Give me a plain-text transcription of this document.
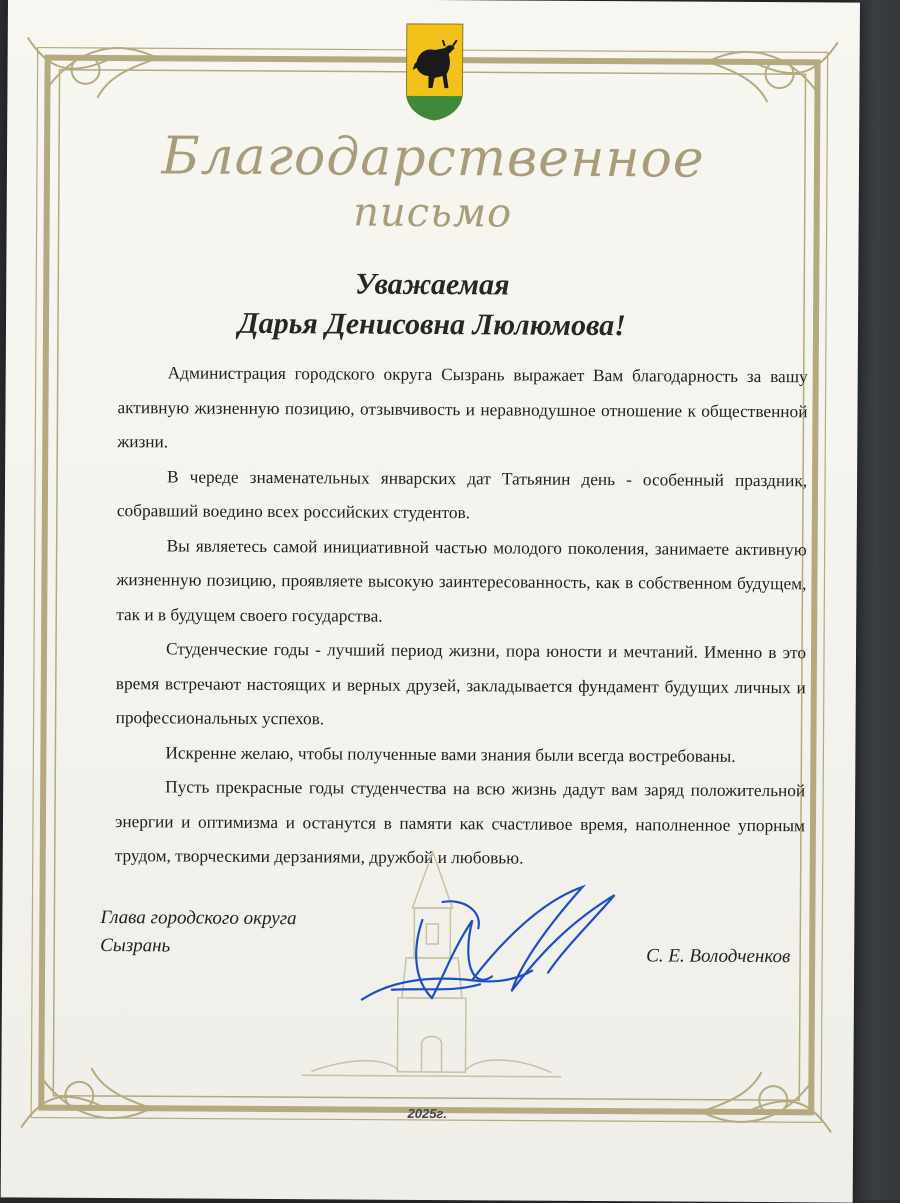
Благодарственное
письмо
Уважаемая
Дарья Денисовна Люлюмова!

Администрация городского округа Сызрань выражает Вам благодарность за вашу активную жизненную позицию, отзывчивость и неравнодушное отношение к общественной жизни.

В череде знаменательных январских дат Татьянин день - особенный праздник, собравший воедино всех российских студентов.

Вы являетесь самой инициативной частью молодого поколения, занимаете активную жизненную позицию, проявляете высокую заинтересованность, как в собственном будущем, так и в будущем своего государства.

Студенческие годы - лучший период жизни, пора юности и мечтаний. Именно в это время встречают настоящих и верных друзей, закладывается фундамент будущих личных и профессиональных успехов.

Искренне желаю, чтобы полученные вами знания были всегда востребованы.

Пусть прекрасные годы студенчества на всю жизнь дадут вам заряд положительной энергии и оптимизма и останутся в памяти как счастливое время, наполненное упорным трудом, творческими дерзаниями, дружбой и любовью.

Глава городского округа
Сызрань	С. Е. Володченков
2025г.
